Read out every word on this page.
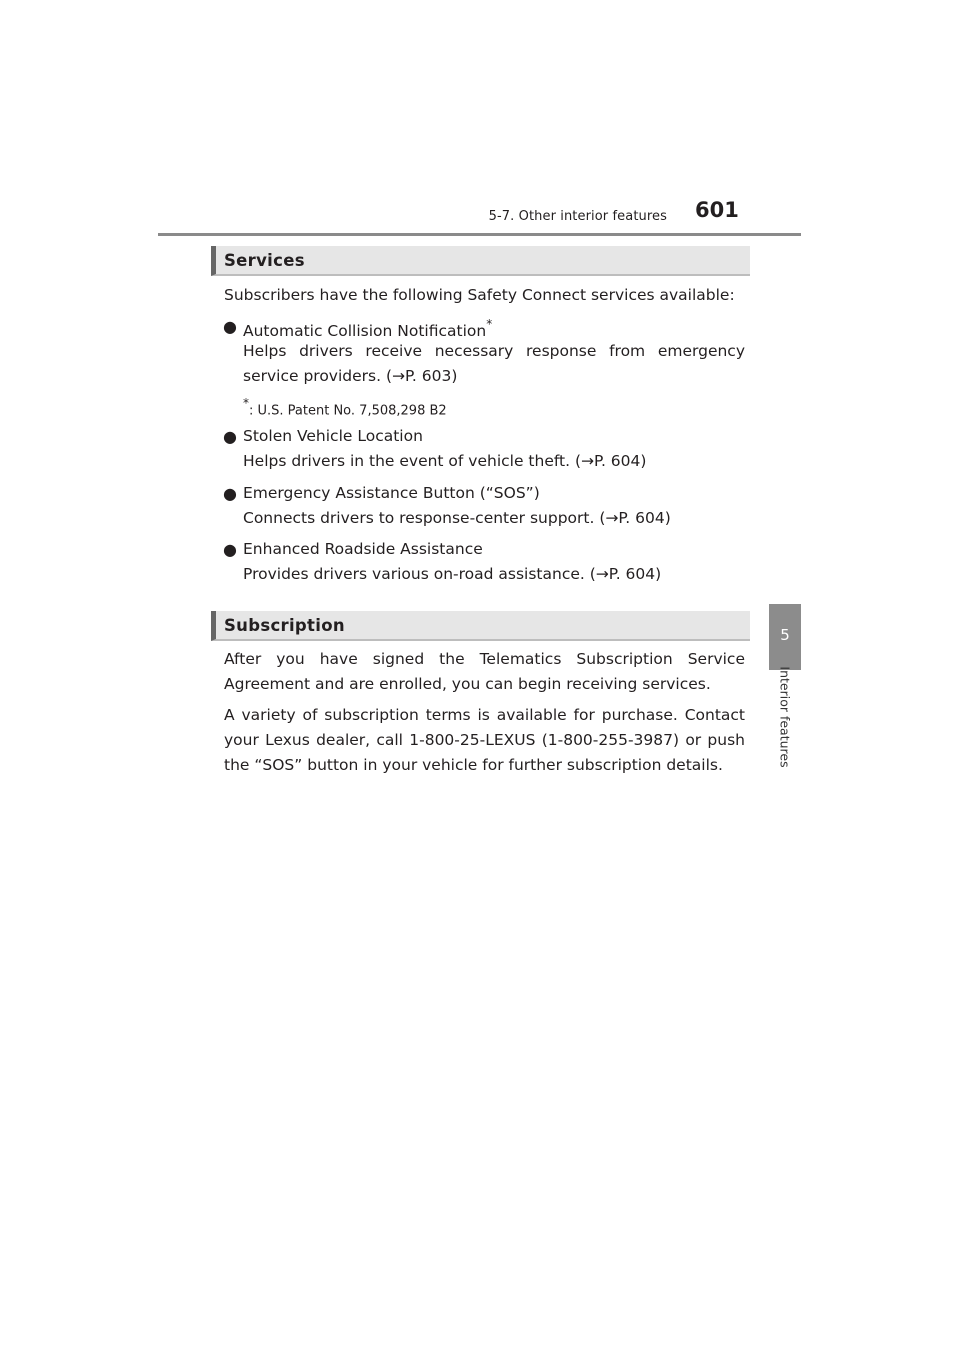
5-7. Other interior features 601
5
Interior features
Services
Subscribers have the following Safety Connect services available:
● Automatic Collision Notification*
Helps drivers receive necessary response from emergency service providers. (→P. 603)
*: U.S. Patent No. 7,508,298 B2
● Stolen Vehicle Location
Helps drivers in the event of vehicle theft. (→P. 604)
● Emergency Assistance Button (“SOS”)
Connects drivers to response-center support. (→P. 604)
● Enhanced Roadside Assistance
Provides drivers various on-road assistance. (→P. 604)
Subscription
After you have signed the Telematics Subscription Service Agreement and are enrolled, you can begin receiving services.
A variety of subscription terms is available for purchase. Contact your Lexus dealer, call 1-800-25-LEXUS (1-800-255-3987) or push the “SOS” button in your vehicle for further subscription details.
